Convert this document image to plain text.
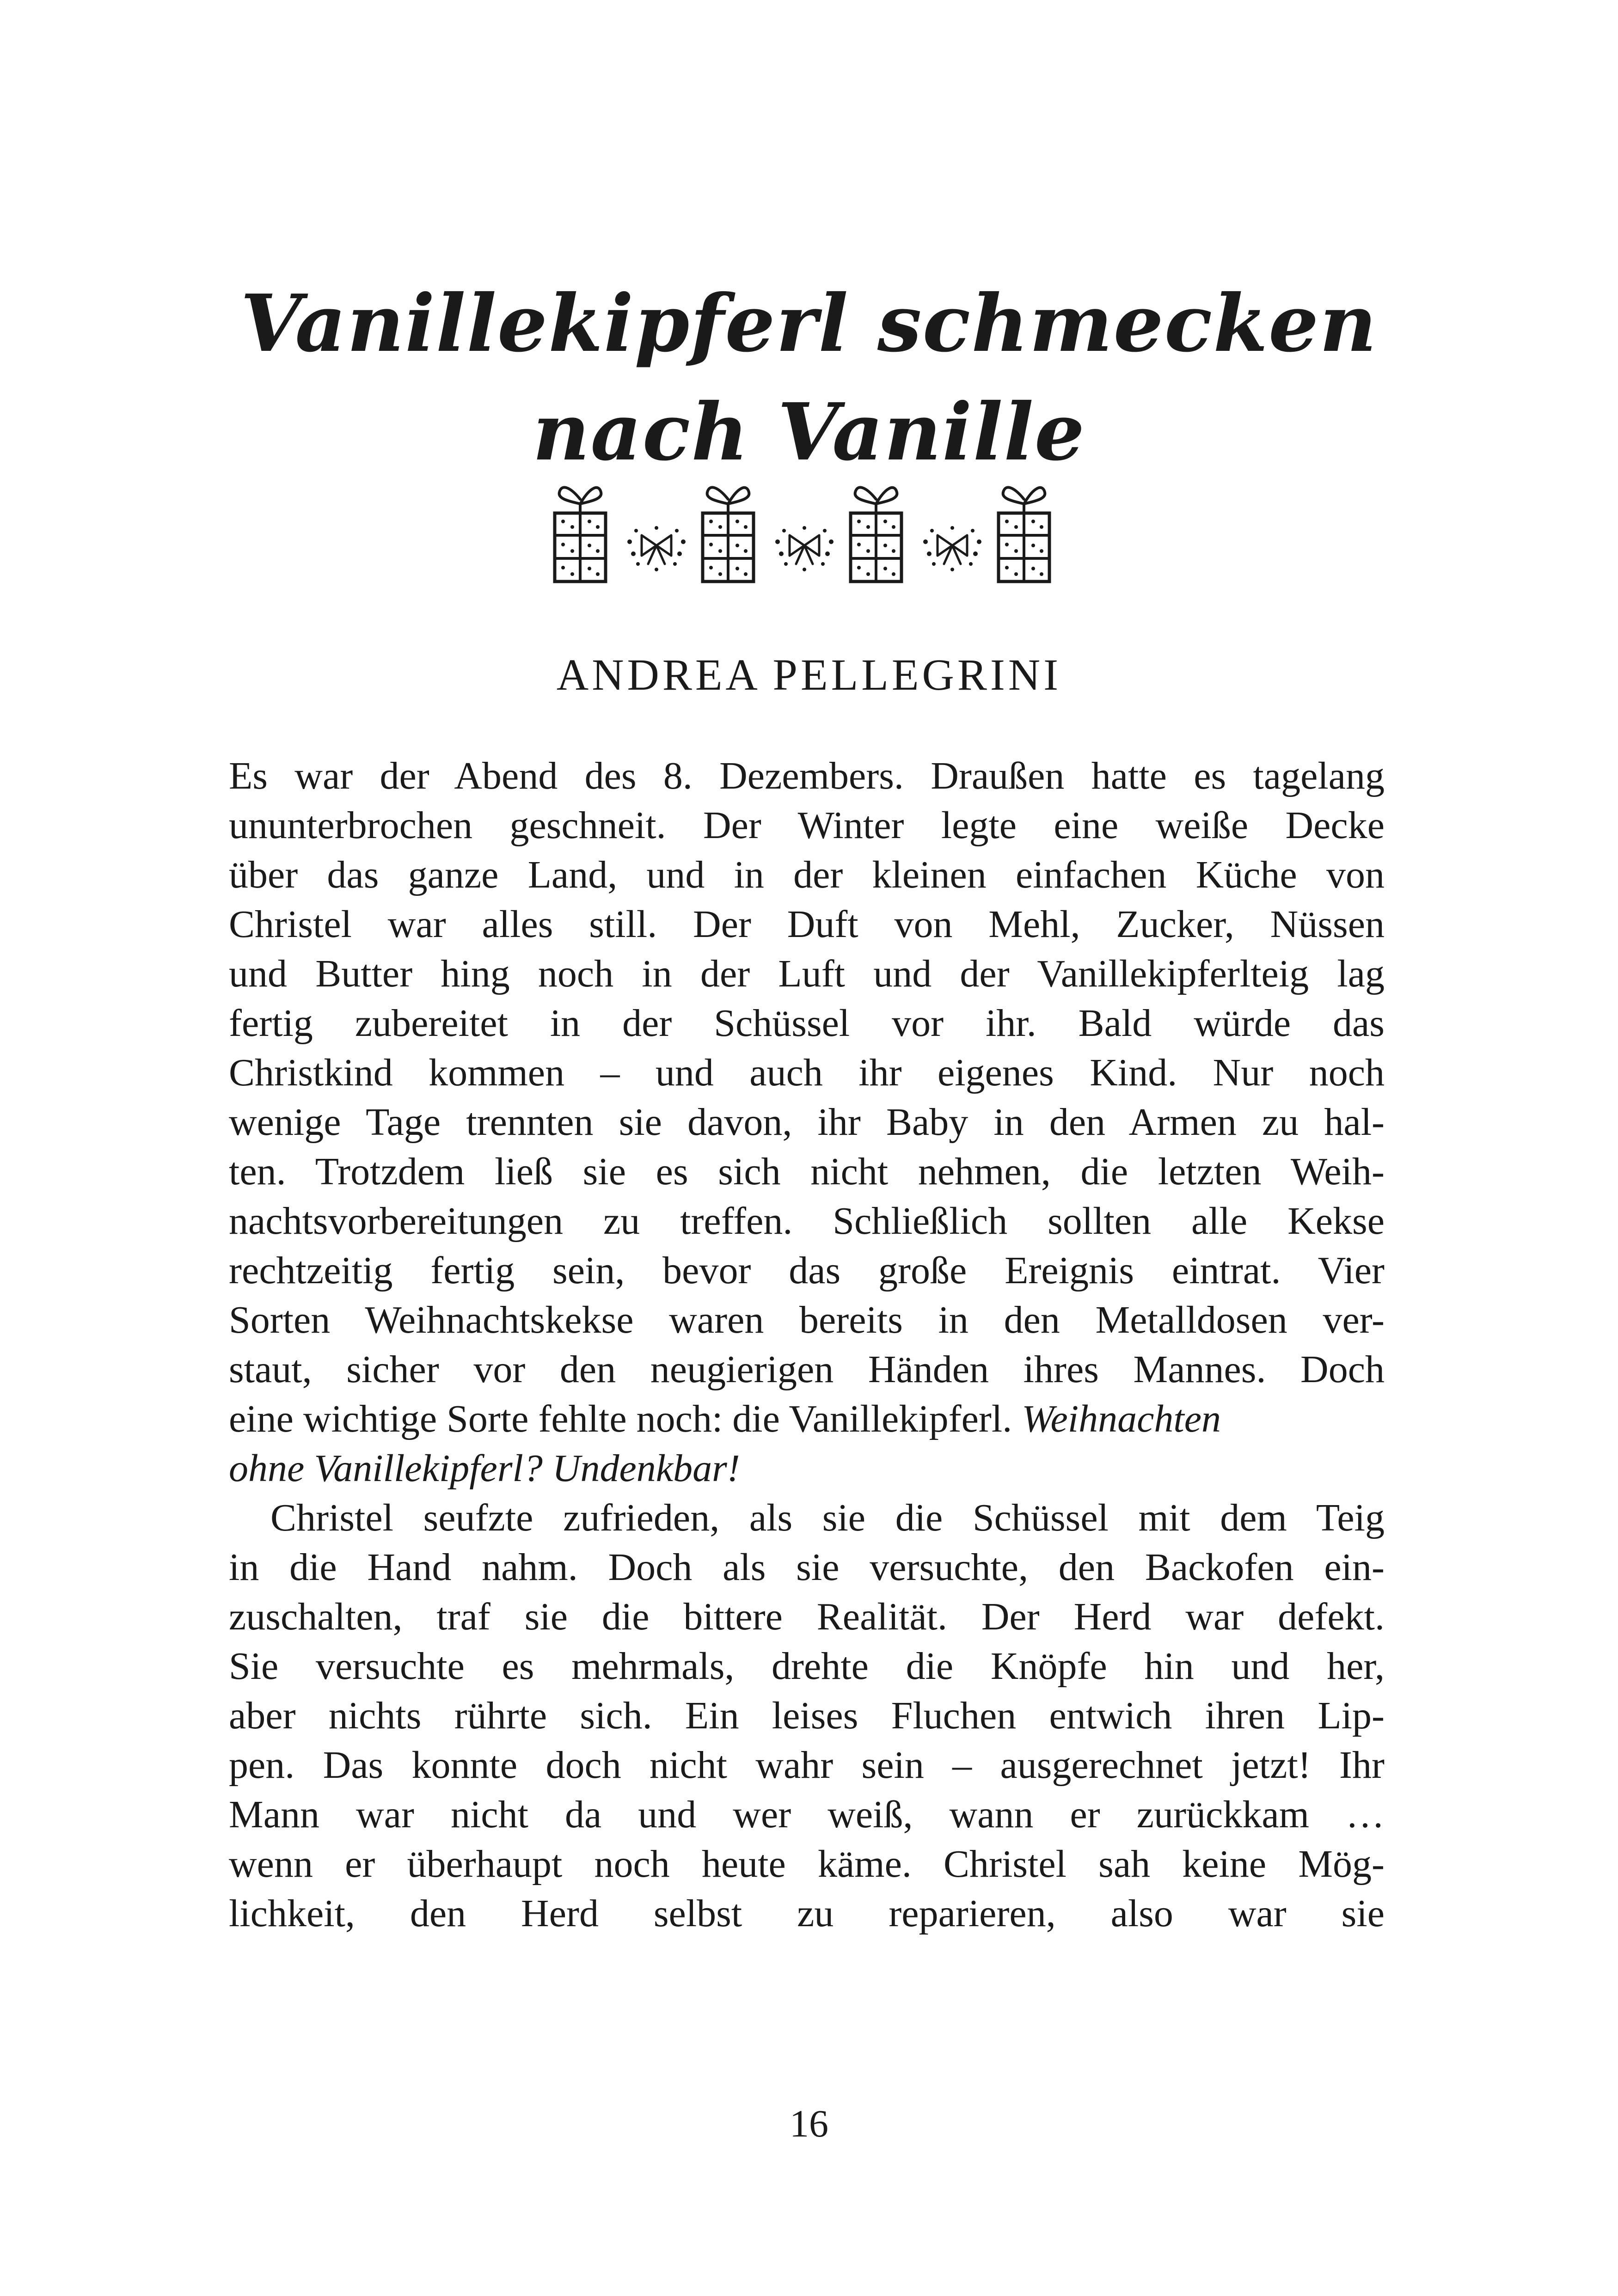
Vanillekipferl schmecken
nach Vanille
ANDREA PELLEGRINI
Es war der Abend des 8. Dezembers. Draußen hatte es tagelang
ununterbrochen geschneit. Der Winter legte eine weiße Decke
über das ganze Land, und in der kleinen einfachen Küche von
Christel war alles still. Der Duft von Mehl, Zucker, Nüssen
und Butter hing noch in der Luft und der Vanillekipferlteig lag
fertig zubereitet in der Schüssel vor ihr. Bald würde das
Christkind kommen – und auch ihr eigenes Kind. Nur noch
wenige Tage trennten sie davon, ihr Baby in den Armen zu hal-
ten. Trotzdem ließ sie es sich nicht nehmen, die letzten Weih-
nachtsvorbereitungen zu treffen. Schließlich sollten alle Kekse
rechtzeitig fertig sein, bevor das große Ereignis eintrat. Vier
Sorten Weihnachtskekse waren bereits in den Metalldosen ver-
staut, sicher vor den neugierigen Händen ihres Mannes. Doch
eine wichtige Sorte fehlte noch: die Vanillekipferl. Weihnachten
ohne Vanillekipferl? Undenkbar!
Christel seufzte zufrieden, als sie die Schüssel mit dem Teig
in die Hand nahm. Doch als sie versuchte, den Backofen ein-
zuschalten, traf sie die bittere Realität. Der Herd war defekt.
Sie versuchte es mehrmals, drehte die Knöpfe hin und her,
aber nichts rührte sich. Ein leises Fluchen entwich ihren Lip-
pen. Das konnte doch nicht wahr sein – ausgerechnet jetzt! Ihr
Mann war nicht da und wer weiß, wann er zurückkam …
wenn er überhaupt noch heute käme. Christel sah keine Mög-
lichkeit, den Herd selbst zu reparieren, also war sie
16
